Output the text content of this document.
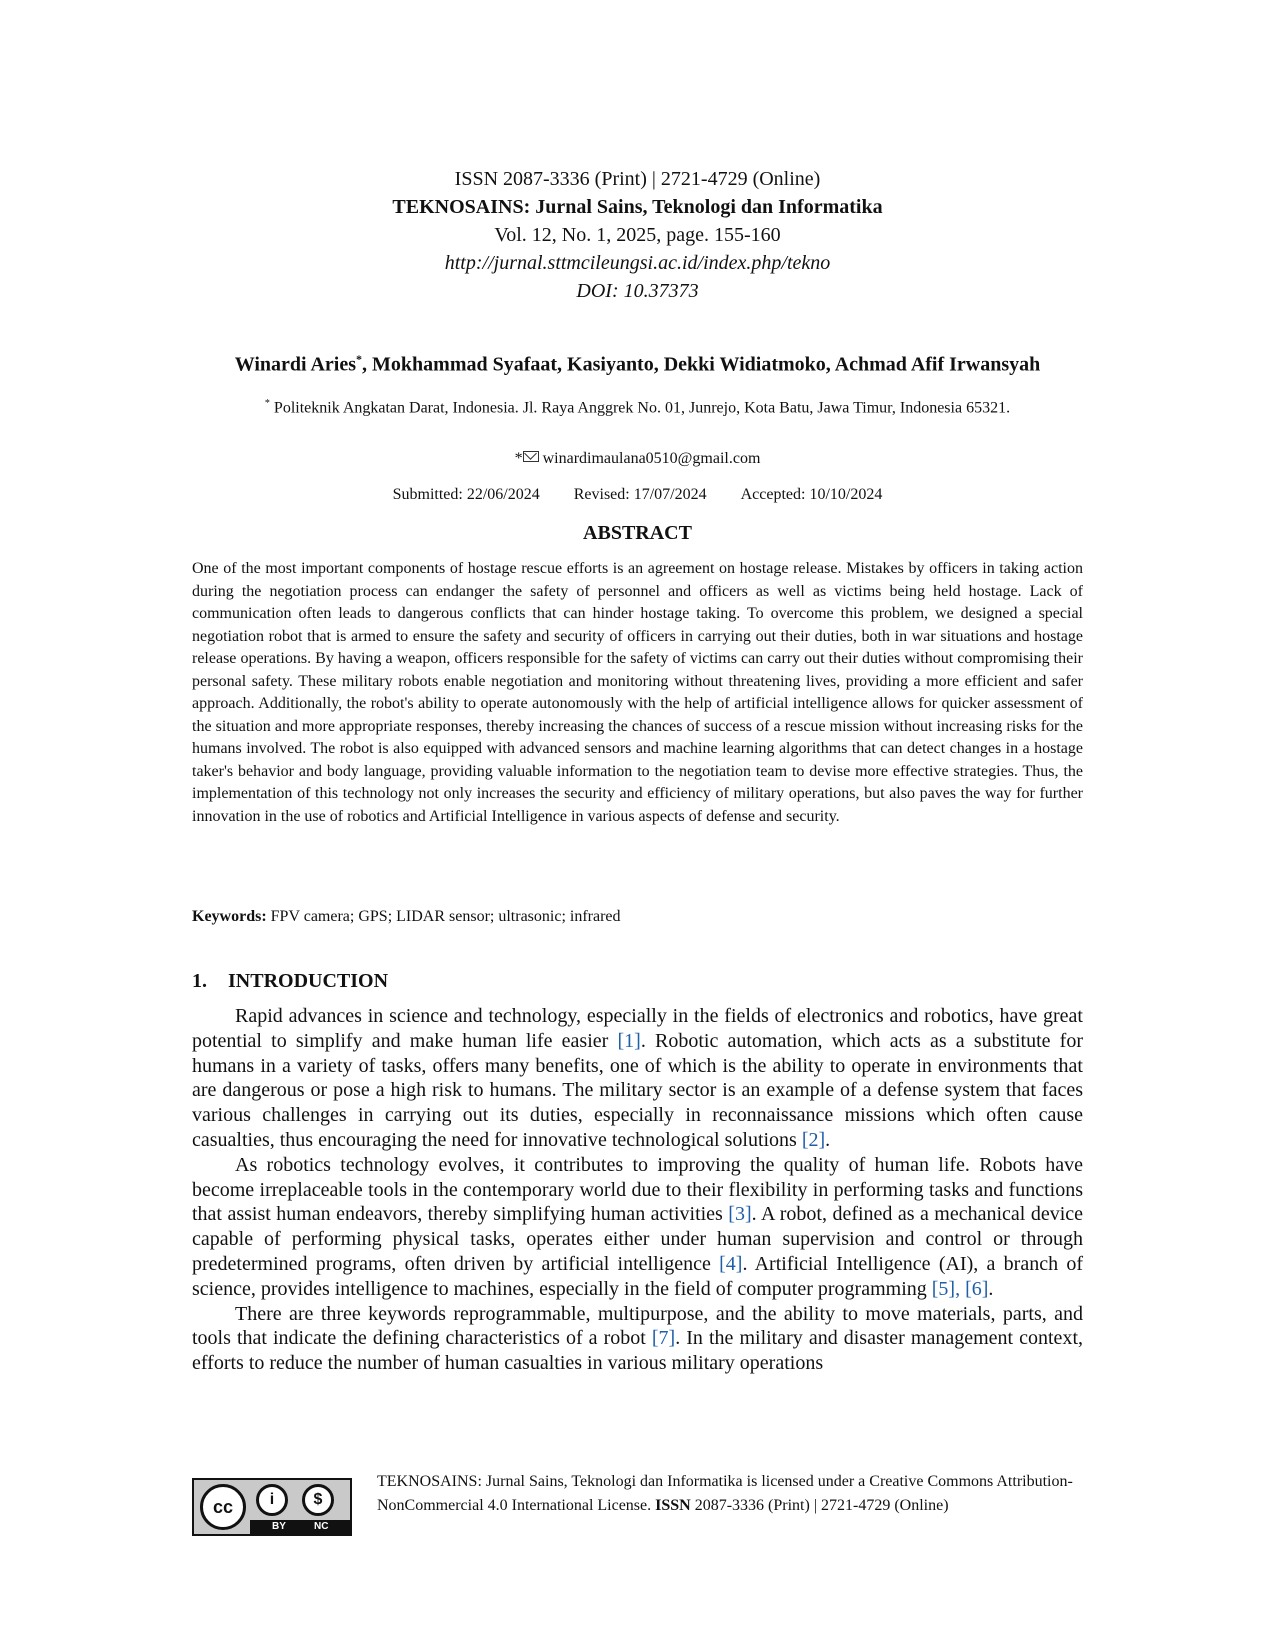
ISSN 2087-3336 (Print) | 2721-4729 (Online)
TEKNOSAINS: Jurnal Sains, Teknologi dan Informatika
Vol. 12, No. 1, 2025, page. 155-160
http://jurnal.sttmcileungsi.ac.id/index.php/tekno
DOI: 10.37373
Winardi Aries*, Mokhammad Syafaat, Kasiyanto, Dekki Widiatmoko, Achmad Afif Irwansyah
* Politeknik Angkatan Darat, Indonesia. Jl. Raya Anggrek No. 01, Junrejo, Kota Batu, Jawa Timur, Indonesia 65321.
* winardimaulana0510@gmail.com
Submitted: 22/06/2024 Revised: 17/07/2024 Accepted: 10/10/2024
ABSTRACT
One of the most important components of hostage rescue efforts is an agreement on hostage release. Mistakes by officers in taking action during the negotiation process can endanger the safety of personnel and officers as well as victims being held hostage. Lack of communication often leads to dangerous conflicts that can hinder hostage taking. To overcome this problem, we designed a special negotiation robot that is armed to ensure the safety and security of officers in carrying out their duties, both in war situations and hostage release operations. By having a weapon, officers responsible for the safety of victims can carry out their duties without compromising their personal safety. These military robots enable negotiation and monitoring without threatening lives, providing a more efficient and safer approach. Additionally, the robot's ability to operate autonomously with the help of artificial intelligence allows for quicker assessment of the situation and more appropriate responses, thereby increasing the chances of success of a rescue mission without increasing risks for the humans involved. The robot is also equipped with advanced sensors and machine learning algorithms that can detect changes in a hostage taker's behavior and body language, providing valuable information to the negotiation team to devise more effective strategies. Thus, the implementation of this technology not only increases the security and efficiency of military operations, but also paves the way for further innovation in the use of robotics and Artificial Intelligence in various aspects of defense and security.
Keywords: FPV camera; GPS; LIDAR sensor; ultrasonic; infrared
1. INTRODUCTION

Rapid advances in science and technology, especially in the fields of electronics and robotics, have great potential to simplify and make human life easier [1]. Robotic automation, which acts as a substitute for humans in a variety of tasks, offers many benefits, one of which is the ability to operate in environments that are dangerous or pose a high risk to humans. The military sector is an example of a defense system that faces various challenges in carrying out its duties, especially in reconnaissance missions which often cause casualties, thus encouraging the need for innovative technological solutions [2].

As robotics technology evolves, it contributes to improving the quality of human life. Robots have become irreplaceable tools in the contemporary world due to their flexibility in performing tasks and functions that assist human endeavors, thereby simplifying human activities [3]. A robot, defined as a mechanical device capable of performing physical tasks, operates either under human supervision and control or through predetermined programs, often driven by artificial intelligence [4]. Artificial Intelligence (AI), a branch of science, provides intelligence to machines, especially in the field of computer programming [5], [6].

There are three keywords reprogrammable, multipurpose, and the ability to move materials, parts, and tools that indicate the defining characteristics of a robot [7]. In the military and disaster management context, efforts to reduce the number of human casualties in various military operations

cc	i	$
BY	NC
TEKNOSAINS: Jurnal Sains, Teknologi dan Informatika is licensed under a Creative Commons Attribution-NonCommercial 4.0 International License. ISSN 2087-3336 (Print) | 2721-4729 (Online)
